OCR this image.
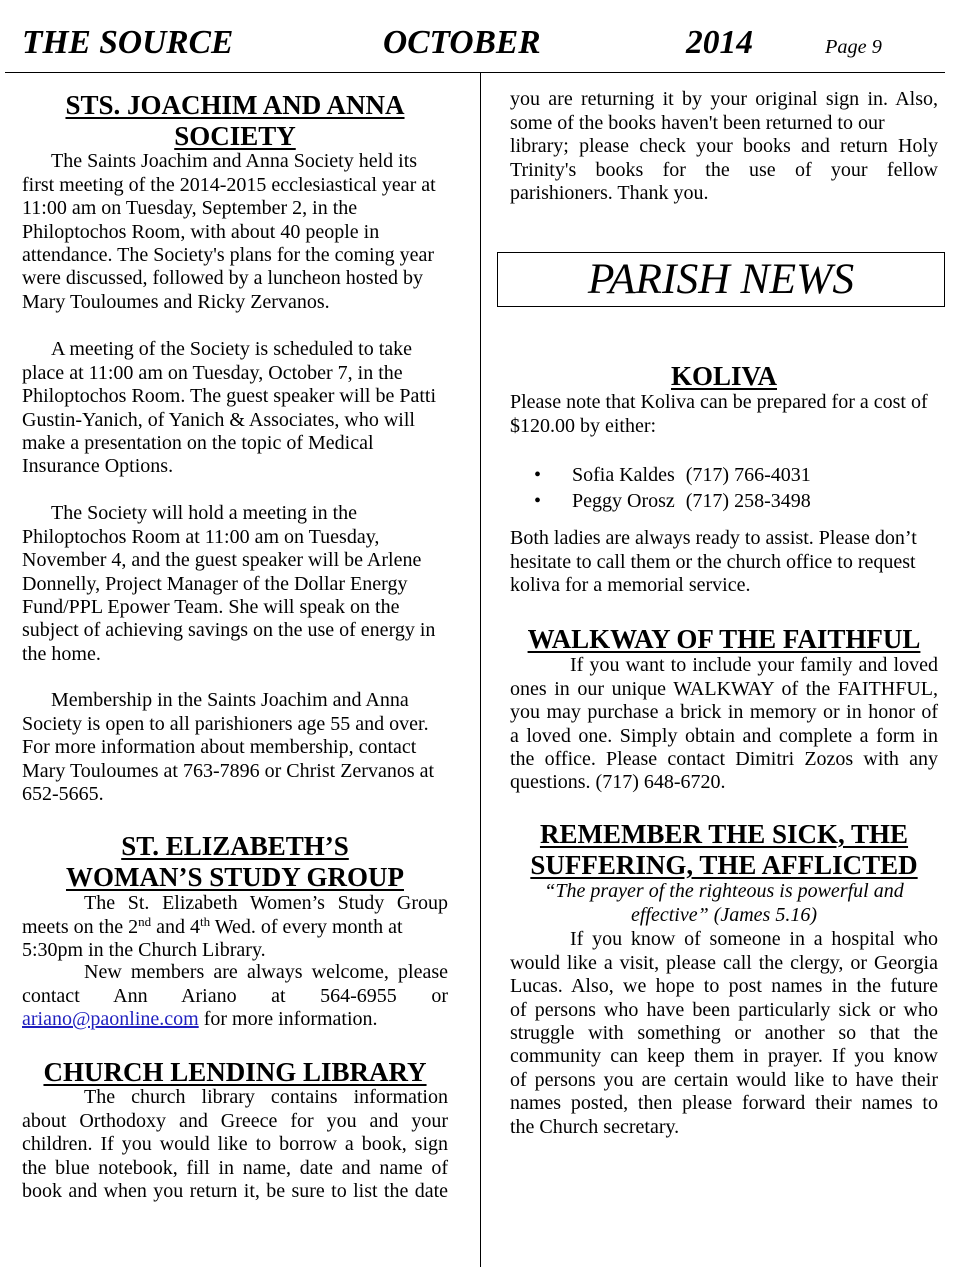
THE SOURCE	OCTOBER	2014	Page 9
STS. JOACHIM AND ANNA
SOCIETY
The Saints Joachim and Anna Society held its
first meeting of the 2014-2015 ecclesiastical year at
11:00 am on Tuesday, September 2, in the
Philoptochos Room, with about 40 people in
attendance. The Society's plans for the coming year
were discussed, followed by a luncheon hosted by
Mary Touloumes and Ricky Zervanos.
A meeting of the Society is scheduled to take
place at 11:00 am on Tuesday, October 7, in the
Philoptochos Room. The guest speaker will be Patti
Gustin-Yanich, of Yanich & Associates, who will
make a presentation on the topic of Medical
Insurance Options.
The Society will hold a meeting in the
Philoptochos Room at 11:00 am on Tuesday,
November 4, and the guest speaker will be Arlene
Donnelly, Project Manager of the Dollar Energy
Fund/PPL Epower Team. She will speak on the
subject of achieving savings on the use of energy in
the home.
Membership in the Saints Joachim and Anna
Society is open to all parishioners age 55 and over.
For more information about membership, contact
Mary Touloumes at 763-7896 or Christ Zervanos at
652-5665.
ST. ELIZABETH’S
WOMAN’S STUDY GROUP
The St. Elizabeth Women’s Study Group
meets on the 2nd and 4th Wed. of every month at
5:30pm in the Church Library.
New members are always welcome, please
contact Ann Ariano at 564-6955 or
ariano@paonline.com for more information.
CHURCH LENDING LIBRARY
The church library contains information
about Orthodoxy and Greece for you and your
children. If you would like to borrow a book, sign
the blue notebook, fill in name, date and name of
book and when you return it, be sure to list the date
you are returning it by your original sign in. Also,
some of the books haven't been returned to our
library; please check your books and return Holy
Trinity's books for the use of your fellow
parishioners. Thank you.
PARISH NEWS
KOLIVA
Please note that Koliva can be prepared for a cost of
$120.00 by either:
• Sofia Kaldes (717) 766-4031
• Peggy Orosz (717) 258-3498
Both ladies are always ready to assist. Please don’t
hesitate to call them or the church office to request
koliva for a memorial service.
WALKWAY OF THE FAITHFUL
If you want to include your family and loved
ones in our unique WALKWAY of the FAITHFUL,
you may purchase a brick in memory or in honor of
a loved one. Simply obtain and complete a form in
the office. Please contact Dimitri Zozos with any
questions. (717) 648-6720.
REMEMBER THE SICK, THE
SUFFERING, THE AFFLICTED
“The prayer of the righteous is powerful and
effective” (James 5.16)
If you know of someone in a hospital who
would like a visit, please call the clergy, or Georgia
Lucas. Also, we hope to post names in the future
of persons who have been particularly sick or who
struggle with something or another so that the
community can keep them in prayer. If you know
of persons you are certain would like to have their
names posted, then please forward their names to
the Church secretary.
